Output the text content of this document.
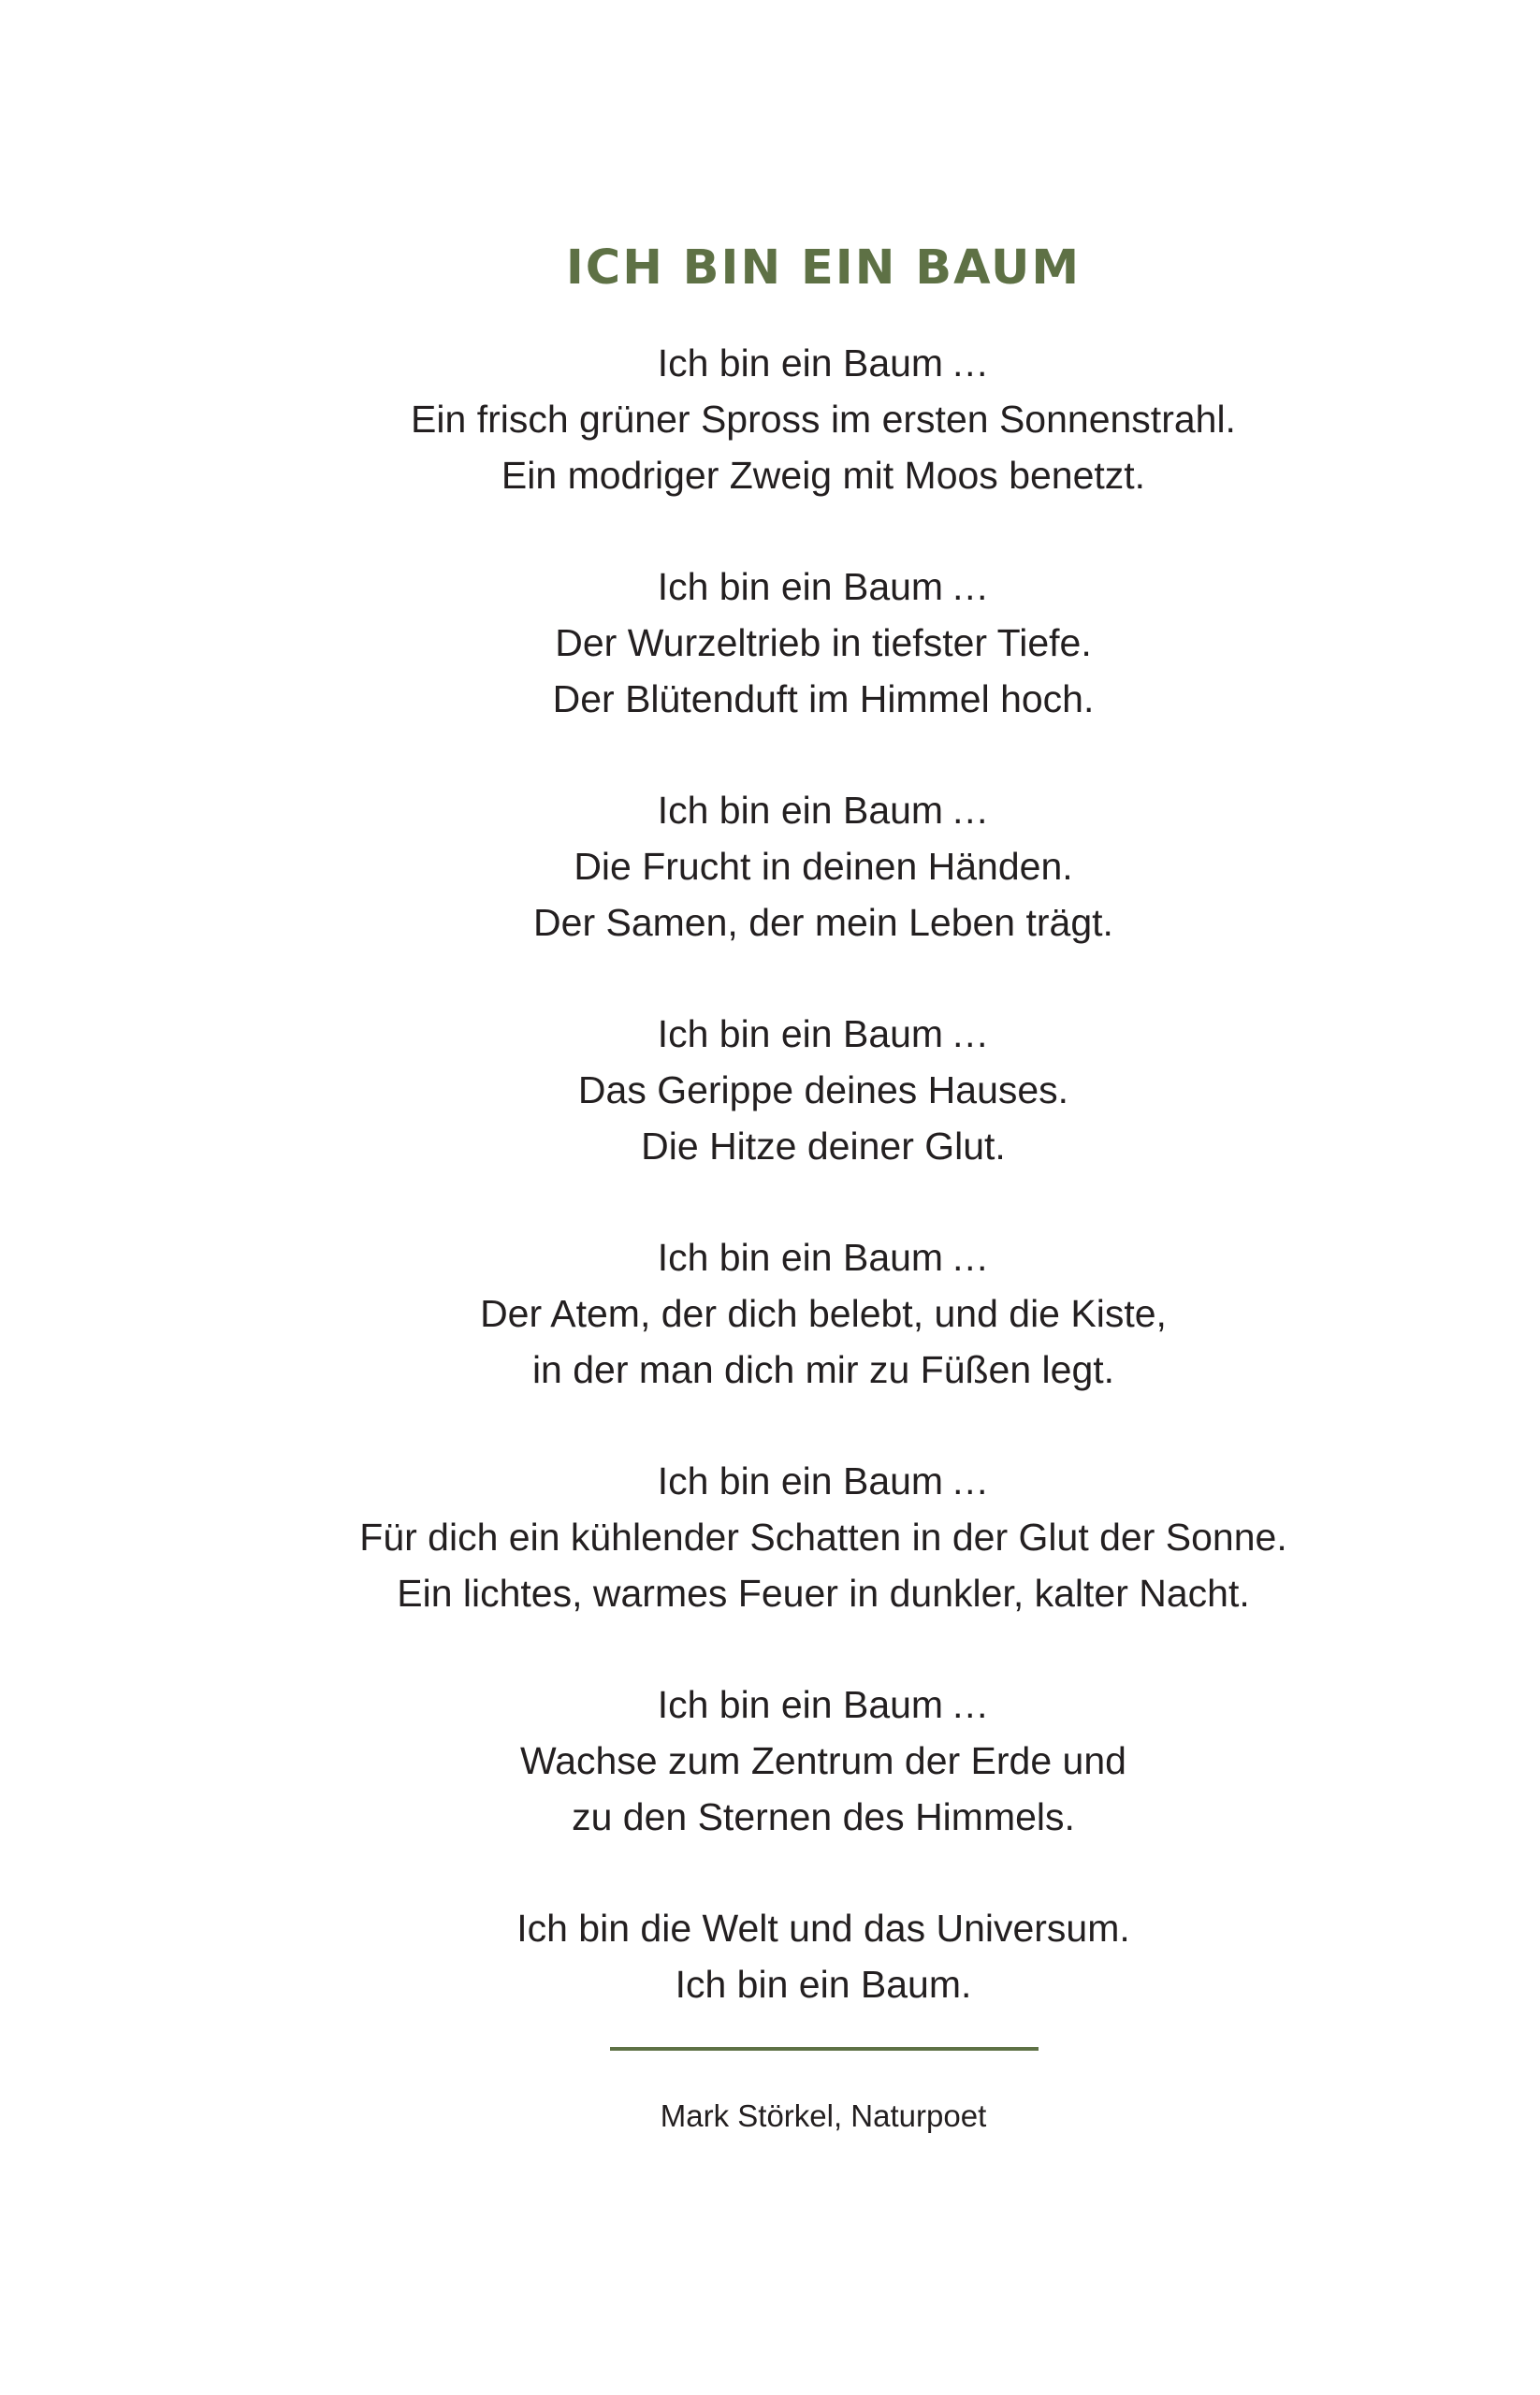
ICH BIN EIN BAUM
Ich bin ein Baum …
Ein frisch grüner Spross im ersten Sonnenstrahl.
Ein modriger Zweig mit Moos benetzt.
Ich bin ein Baum …
Der Wurzeltrieb in tiefster Tiefe.
Der Blütenduft im Himmel hoch.
Ich bin ein Baum …
Die Frucht in deinen Händen.
Der Samen, der mein Leben trägt.
Ich bin ein Baum …
Das Gerippe deines Hauses.
Die Hitze deiner Glut.
Ich bin ein Baum …
Der Atem, der dich belebt, und die Kiste,
in der man dich mir zu Füßen legt.
Ich bin ein Baum …
Für dich ein kühlender Schatten in der Glut der Sonne.
Ein lichtes, warmes Feuer in dunkler, kalter Nacht.
Ich bin ein Baum …
Wachse zum Zentrum der Erde und
zu den Sternen des Himmels.
Ich bin die Welt und das Universum.
Ich bin ein Baum.
Mark Störkel, Naturpoet
